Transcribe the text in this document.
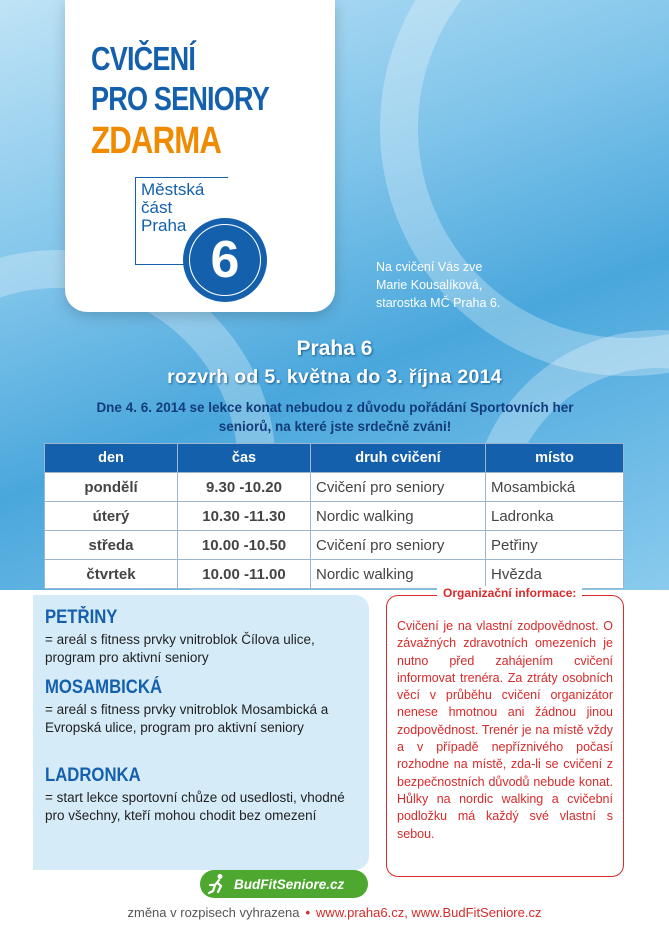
CVIČENÍ
PRO SENIORY
ZDARMA
Městská
část
Praha
6	Na cvičení Vás zve
Marie Kousalíková,
starostka MČ Praha 6.
Praha 6
rozvrh od 5. května do 3. října 2014
Dne 4. 6. 2014 se lekce konat nebudou z důvodu pořádání Sportovních her
seniorů, na které jste srdečně zváni!
den	čas	druh cvičení	místo
pondělí	9.30 -10.20	Cvičení pro seniory	Mosambická
úterý	10.30 -11.30	Nordic walking	Ladronka
středa	10.00 -10.50	Cvičení pro seniory	Petřiny
čtvrtek	10.00 -11.00	Nordic walking	Hvězda
PETŘINY
= areál s fitness prvky vnitroblok Čílova ulice, program pro aktivní seniory
MOSAMBICKÁ
= areál s fitness prvky vnitroblok Mosambická a Evropská ulice, program pro aktivní seniory
LADRONKA
= start lekce sportovní chůze od usedlosti, vhodné pro všechny, kteří mohou chodit bez omezení
Organizační informace:
Cvičení je na vlastní zodpovědnost. O závažných zdravotních omezeních je nutno před zahájením cvičení informovat trenéra. Za ztráty osobních věcí v průběhu cvičení organizátor nenese hmotnou ani žádnou jinou zodpovědnost. Trenér je na místě vždy a v případě nepříznivého počasí rozhodne na místě, zda-li se cvičení z bezpečnostních důvodů nebude konat. Hůlky na nordic walking a cvičební podložku má každý své vlastní s sebou.
BudFitSeniore.cz
změna v rozpisech vyhrazena • www.praha6.cz, www.BudFitSeniore.cz
